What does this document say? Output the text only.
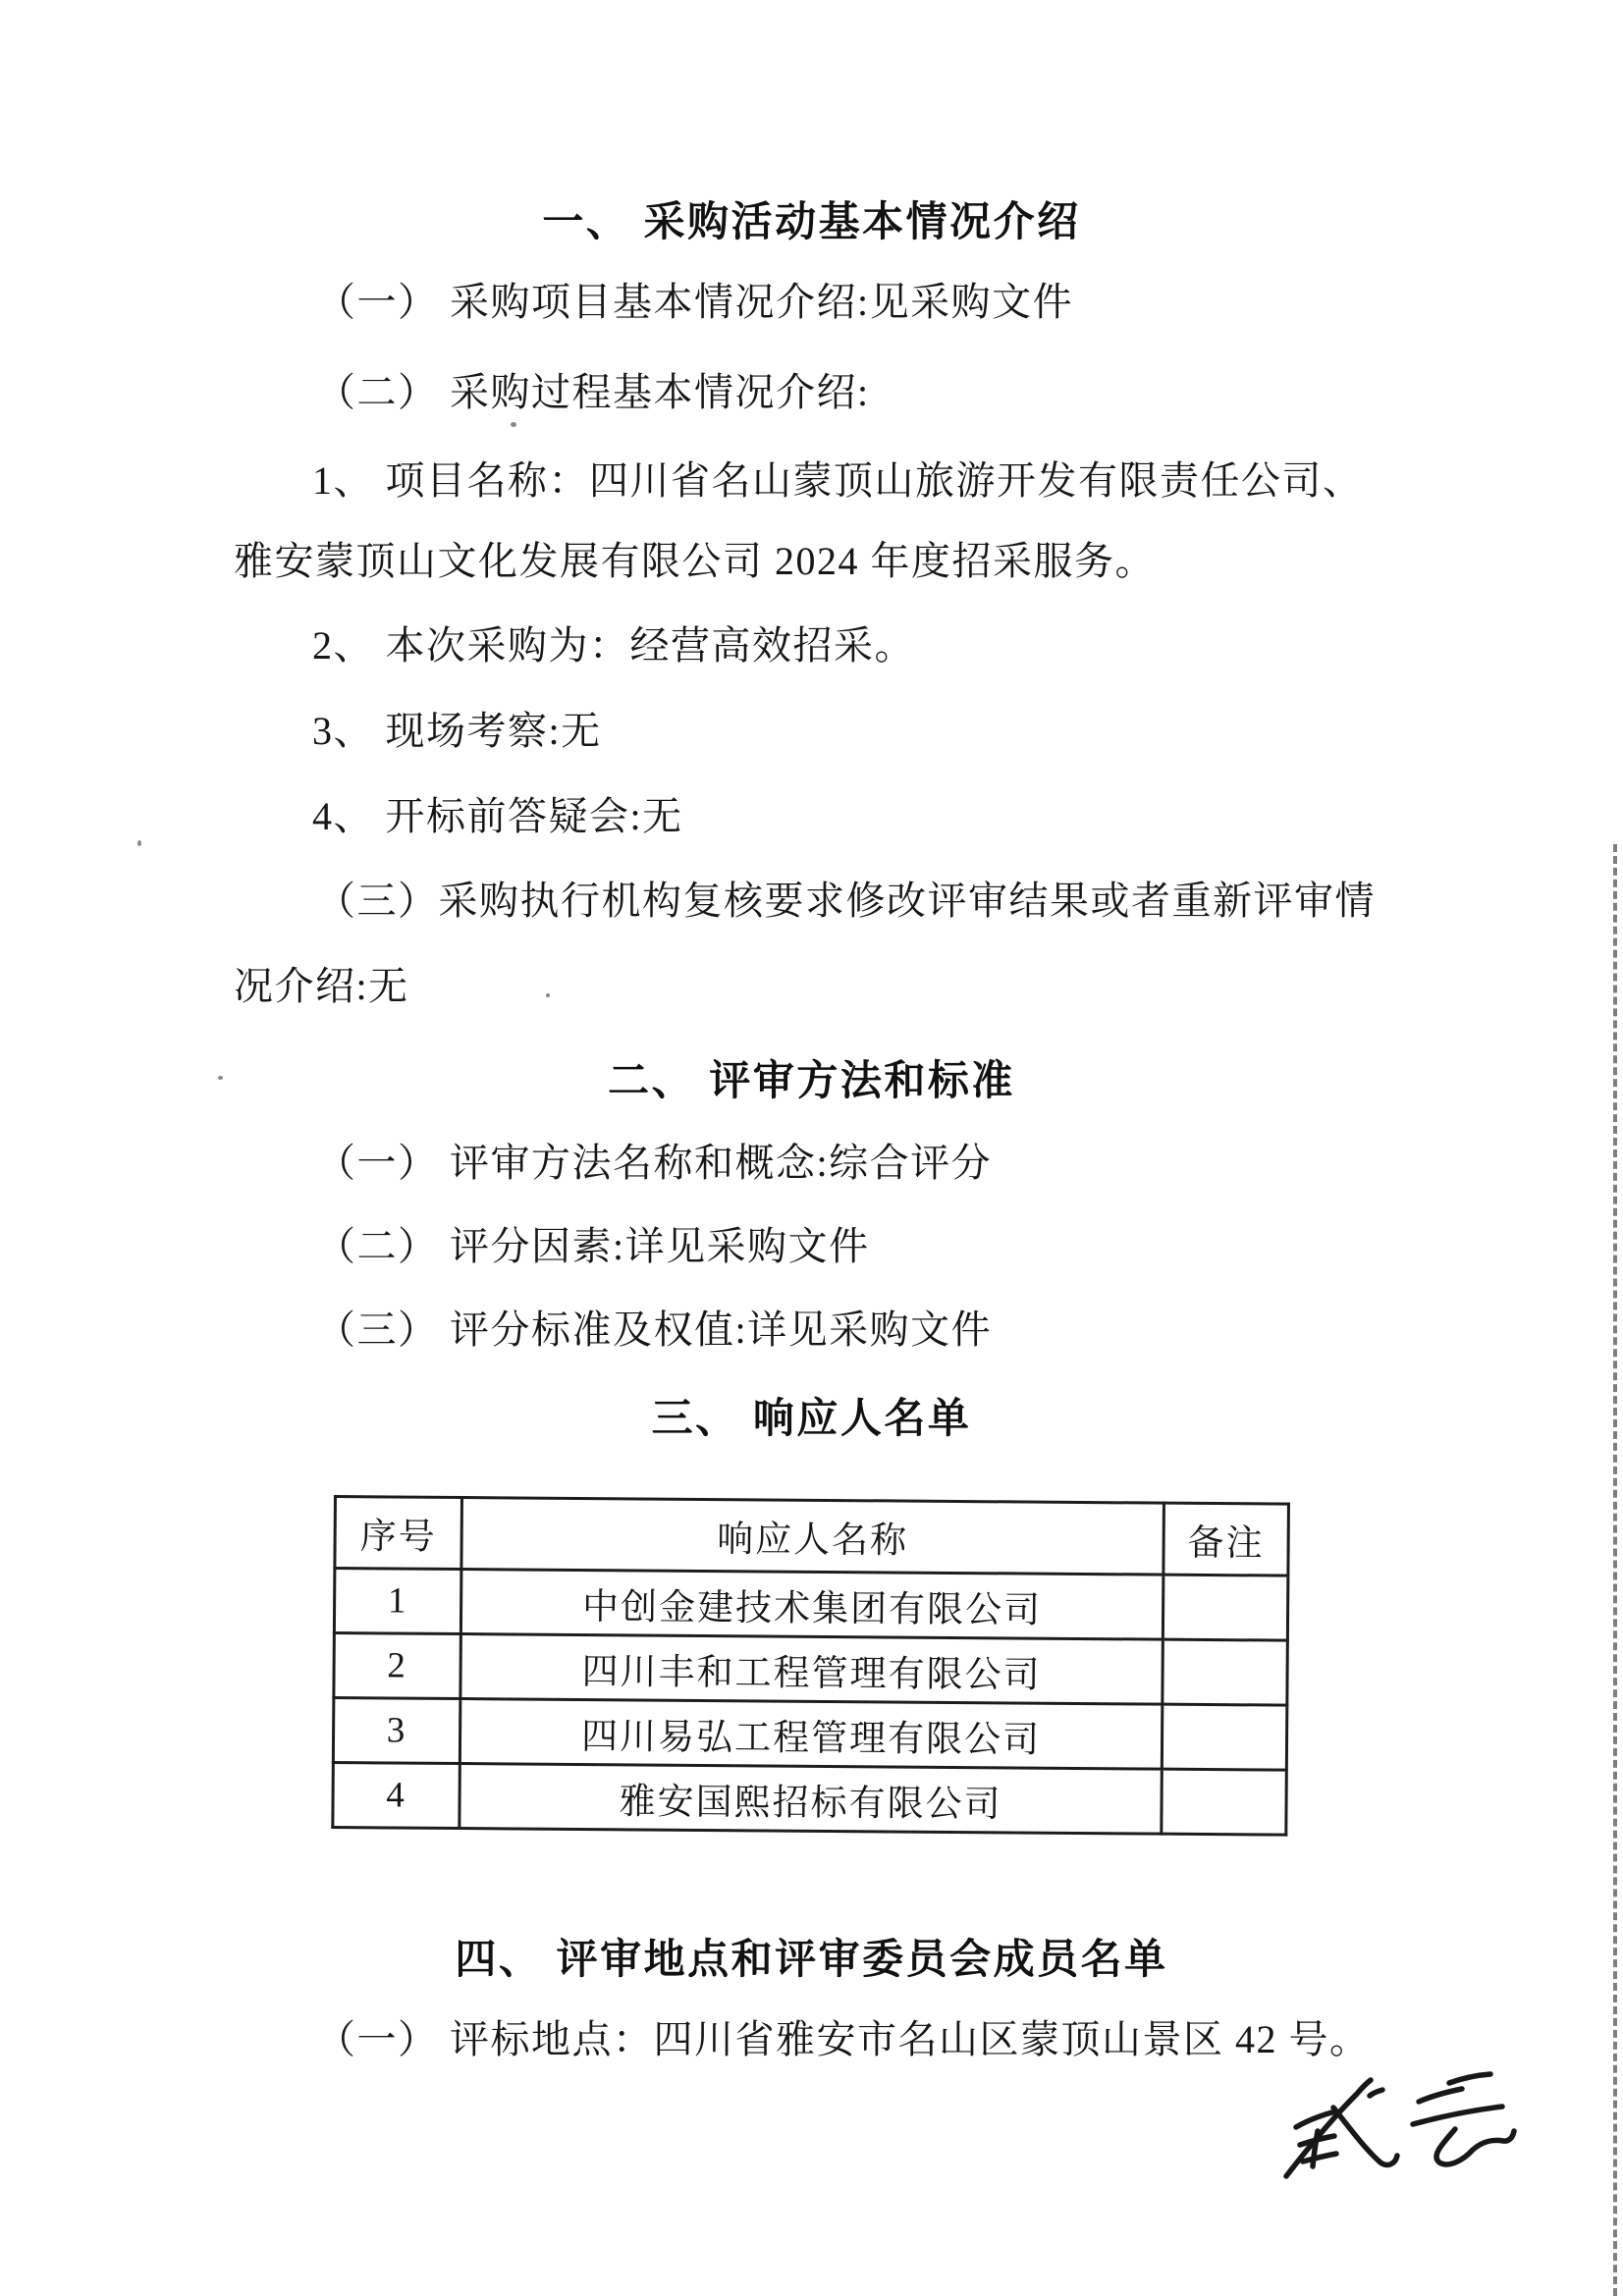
一、 采购活动基本情况介绍
（一） 采购项目基本情况介绍:见采购文件
（二） 采购过程基本情况介绍:
1、 项目名称：四川省名山蒙顶山旅游开发有限责任公司、
雅安蒙顶山文化发展有限公司 2024 年度招采服务。
2、 本次采购为：经营高效招采。
3、 现场考察:无
4、 开标前答疑会:无
（三）采购执行机构复核要求修改评审结果或者重新评审情
况介绍:无
二、 评审方法和标准
（一） 评审方法名称和概念:综合评分
（二） 评分因素:详见采购文件
（三） 评分标准及权值:详见采购文件
三、 响应人名单
序号	响应人名称	备注
1	中创金建技术集团有限公司	
2	四川丰和工程管理有限公司	
3	四川易弘工程管理有限公司	
4	雅安国熙招标有限公司	
四、 评审地点和评审委员会成员名单
（一） 评标地点：四川省雅安市名山区蒙顶山景区 42 号。
